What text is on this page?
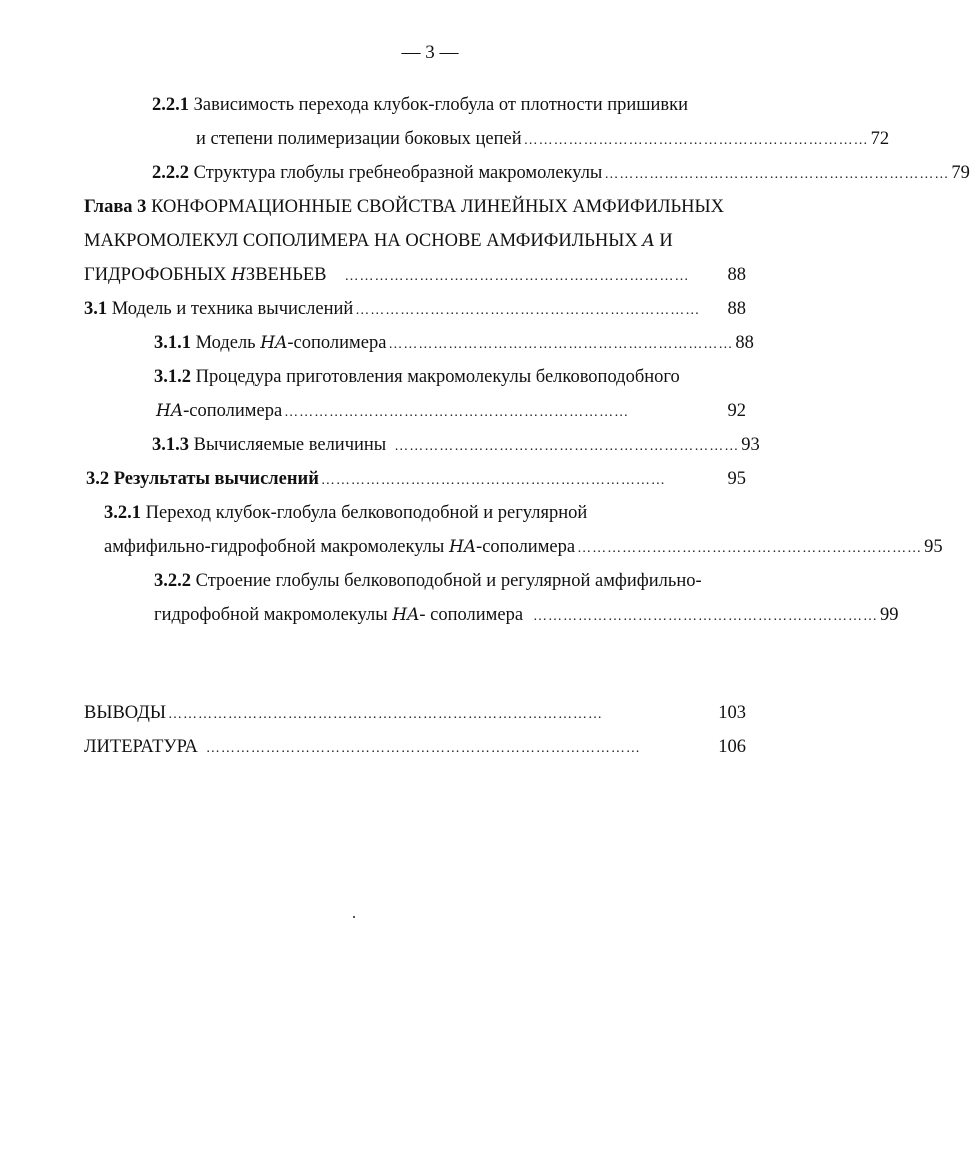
— 3 —
2.2.1 Зависимость перехода клубок-глобула от плотности пришивки
и степени полимеризации боковых цепей …………………………………………………………… 72
2.2.2 Структура глобулы гребнеобразной макромолекулы …………………………………………………………… 79
Глава 3 КОНФОРМАЦИОННЫЕ СВОЙСТВА ЛИНЕЙНЫХ АМФИФИЛЬНЫХ
МАКРОМОЛЕКУЛ СОПОЛИМЕРА НА ОСНОВЕ АМФИФИЛЬНЫХ A И
ГИДРОФОБНЫХ HЗВЕНЬЕВ ……………………………………………………………	88
3.1 Модель и техника вычислений ……………………………………………………………	88
3.1.1 Модель HA-сополимера …………………………………………………………… 88
3.1.2 Процедура приготовления макромолекулы белковоподобного
HA-сополимера ……………………………………………………………	92
3.1.3 Вычисляемые величины …………………………………………………………… 93
3.2 Результаты вычислений ……………………………………………………………	95
3.2.1 Переход клубок-глобула белковоподобной и регулярной
амфифильно-гидрофобной макромолекулы HA-сополимера …………………………………………………………… 95
3.2.2 Строение глобулы белковоподобной и регулярной амфифильно-
гидрофобной макромолекулы HA- сополимера …………………………………………………………… 99
ВЫВОДЫ ……………………………………………………………………………	103
ЛИТЕРАТУРА ……………………………………………………………………………	106
